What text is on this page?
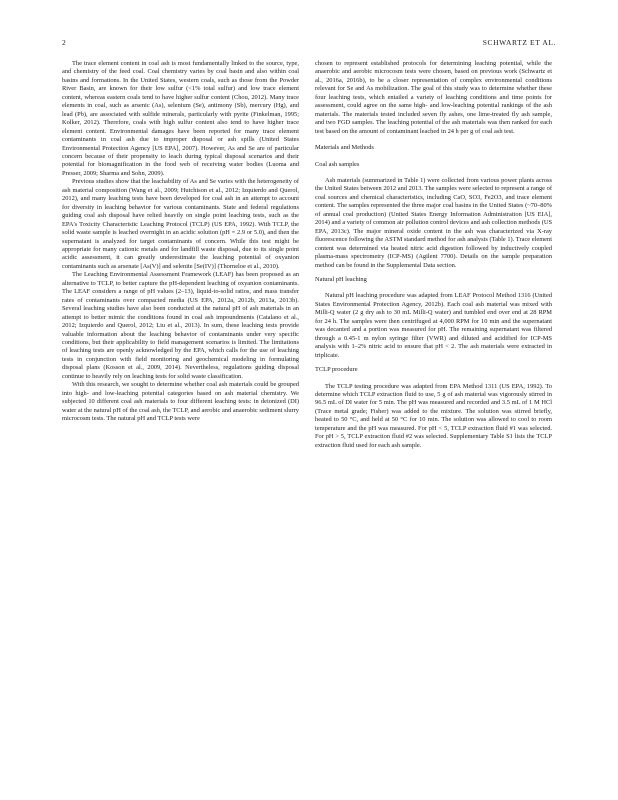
2	SCHWARTZ ET AL.

The trace element content in coal ash is most fundamentally linked to the source, type, and chemistry of the feed coal. Coal chemistry varies by coal basin and also within coal basins and formations. In the United States, western coals, such as those from the Powder River Basin, are known for their low sulfur (<1% total sulfur) and low trace element content, whereas eastern coals tend to have higher sulfur content (Chou, 2012). Many trace elements in coal, such as arsenic (As), selenium (Se), antimony (Sb), mercury (Hg), and lead (Pb), are associated with sulfide minerals, particularly with pyrite (Finkelman, 1995; Kolker, 2012). Therefore, coals with high sulfur content also tend to have higher trace element content. Environmental damages have been reported for many trace element contaminants in coal ash due to improper disposal or ash spills (United States Environmental Protection Agency [US EPA], 2007). However, As and Se are of particular concern because of their propensity to leach during typical disposal scenarios and their potential for biomagnification in the food web of receiving water bodies (Luoma and Presser, 2009; Sharma and Sohn, 2009).

Previous studies show that the leachability of As and Se varies with the heterogeneity of ash material composition (Wang et al., 2009; Hutchison et al., 2012; Izquierdo and Querol, 2012), and many leaching tests have been developed for coal ash in an attempt to account for diversity in leaching behavior for various contaminants. State and federal regulations guiding coal ash disposal have relied heavily on single point leaching tests, such as the EPA's Toxicity Characteristic Leaching Protocol (TCLP) (US EPA, 1992). With TCLP, the solid waste sample is leached overnight in an acidic solution (pH = 2.9 or 5.0), and then the supernatant is analyzed for target contaminants of concern. While this test might be appropriate for many cationic metals and for landfill waste disposal, due to its single point acidic assessment, it can greatly underestimate the leaching potential of oxyanion contaminants such as arsenate [As(V)] and selenite [Se(IV)] (Thorneloe et al., 2010).

The Leaching Environmental Assessment Framework (LEAF) has been proposed as an alternative to TCLP, to better capture the pH-dependent leaching of oxyanion contaminants. The LEAF considers a range of pH values (2–13), liquid-to-solid ratios, and mass transfer rates of contaminants over compacted media (US EPA, 2012a, 2012b, 2013a, 2013b). Several leaching studies have also been conducted at the natural pH of ash materials in an attempt to better mimic the conditions found in coal ash impoundments (Catalano et al., 2012; Izquierdo and Querol, 2012; Liu et al., 2013). In sum, these leaching tests provide valuable information about the leaching behavior of contaminants under very specific conditions, but their applicability to field management scenarios is limited. The limitations of leaching tests are openly acknowledged by the EPA, which calls for the use of leaching tests in conjunction with field monitoring and geochemical modeling in formulating disposal plans (Kosson et al., 2009, 2014). Nevertheless, regulations guiding disposal continue to heavily rely on leaching tests for solid waste classification.

With this research, we sought to determine whether coal ash materials could be grouped into high- and low-leaching potential categories based on ash material chemistry. We subjected 10 different coal ash materials to four different leaching tests: in deionized (DI) water at the natural pH of the coal ash, the TCLP, and aerobic and anaerobic sediment slurry microcosm tests. The natural pH and TCLP tests were

chosen to represent established protocols for determining leaching potential, while the anaerobic and aerobic microcosm tests were chosen, based on previous work (Schwartz et al., 2016a, 2016b), to be a closer representation of complex environmental conditions relevant for Se and As mobilization. The goal of this study was to determine whether these four leaching tests, which entailed a variety of leaching conditions and time points for assessment, could agree on the same high- and low-leaching potential rankings of the ash materials. The materials tested included seven fly ashes, one lime-treated fly ash sample, and two FGD samples. The leaching potential of the ash materials was then ranked for each test based on the amount of contaminant leached in 24 h per g of coal ash test.

Materials and Methods
Coal ash samples

Ash materials (summarized in Table 1) were collected from various power plants across the United States between 2012 and 2013. The samples were selected to represent a range of coal sources and chemical characteristics, including CaO, SO3, Fe2O3, and trace element content. The samples represented the three major coal basins in the United States (~70–80% of annual coal production) (United States Energy Information Administration [US EIA], 2014) and a variety of common air pollution control devices and ash collection methods (US EPA, 2013c). The major mineral oxide content in the ash was characterized via X-ray fluorescence following the ASTM standard method for ash analysis (Table 1). Trace element content was determined via heated nitric acid digestion followed by inductively coupled plasma-mass spectrometry (ICP-MS) (Agilent 7700). Details on the sample preparation method can be found in the Supplemental Data section.

Natural pH leaching

Natural pH leaching procedure was adapted from LEAF Protocol Method 1316 (United States Environmental Protection Agency, 2012b). Each coal ash material was mixed with Milli-Q water (2 g dry ash to 30 mL Milli-Q water) and tumbled end over end at 28 RPM for 24 h. The samples were then centrifuged at 4,000 RPM for 10 min and the supernatant was decanted and a portion was measured for pH. The remaining supernatant was filtered through a 0.45-1 m nylon syringe filter (VWR) and diluted and acidified for ICP-MS analysis with 1–2% nitric acid to ensure that pH < 2. The ash materials were extracted in triplicate.

TCLP procedure

The TCLP testing procedure was adapted from EPA Method 1311 (US EPA, 1992). To determine which TCLP extraction fluid to use, 5 g of ash material was vigorously stirred in 96.5 mL of DI water for 5 min. The pH was measured and recorded and 3.5 mL of 1 M HCl (Trace metal grade; Fisher) was added to the mixture. The solution was stirred briefly, heated to 50 °C, and held at 50 °C for 10 min. The solution was allowed to cool to room temperature and the pH was measured. For pH < 5, TCLP extraction fluid #1 was selected. For pH > 5, TCLP extraction fluid #2 was selected. Supplementary Table S1 lists the TCLP extraction fluid used for each ash sample.
